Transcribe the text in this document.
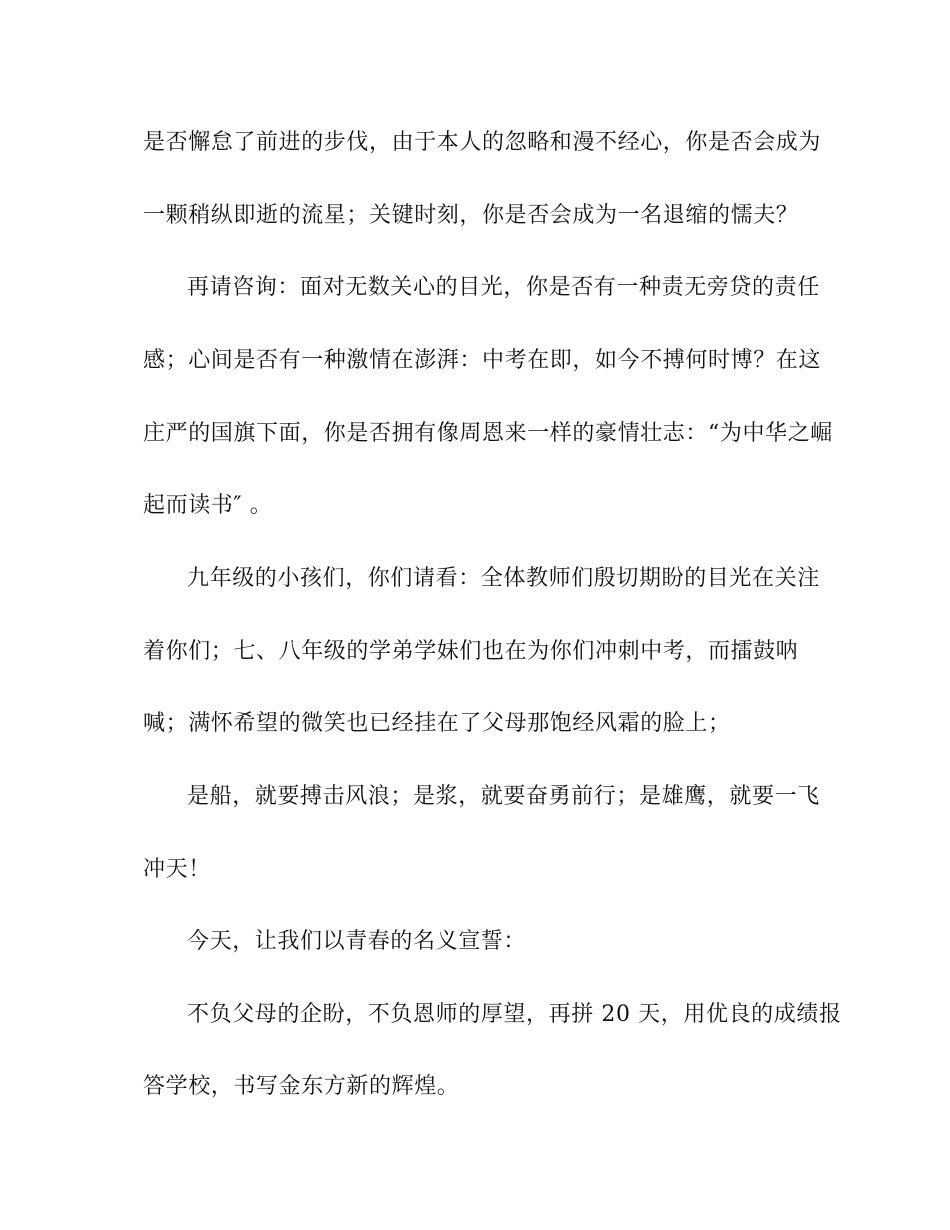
是否懈怠了前进的步伐，由于本人的忽略和漫不经心，你是否会成为
一颗稍纵即逝的流星；关键时刻，你是否会成为一名退缩的懦夫？
再请咨询：面对无数关心的目光，你是否有一种责无旁贷的责任
感；心间是否有一种激情在澎湃：中考在即，如今不搏何时博？在这
庄严的国旗下面，你是否拥有像周恩来一样的豪情壮志：“为中华之崛
起而读书″ 。
九年级的小孩们，你们请看：全体教师们殷切期盼的目光在关注
着你们；七、八年级的学弟学妹们也在为你们冲刺中考，而擂鼓呐
喊；满怀希望的微笑也已经挂在了父母那饱经风霜的脸上；
是船，就要搏击风浪；是浆，就要奋勇前行；是雄鹰，就要一飞
冲天！
今天，让我们以青春的名义宣誓：
不负父母的企盼，不负恩师的厚望，再拼 20 天，用优良的成绩报
答学校，书写金东方新的辉煌。
